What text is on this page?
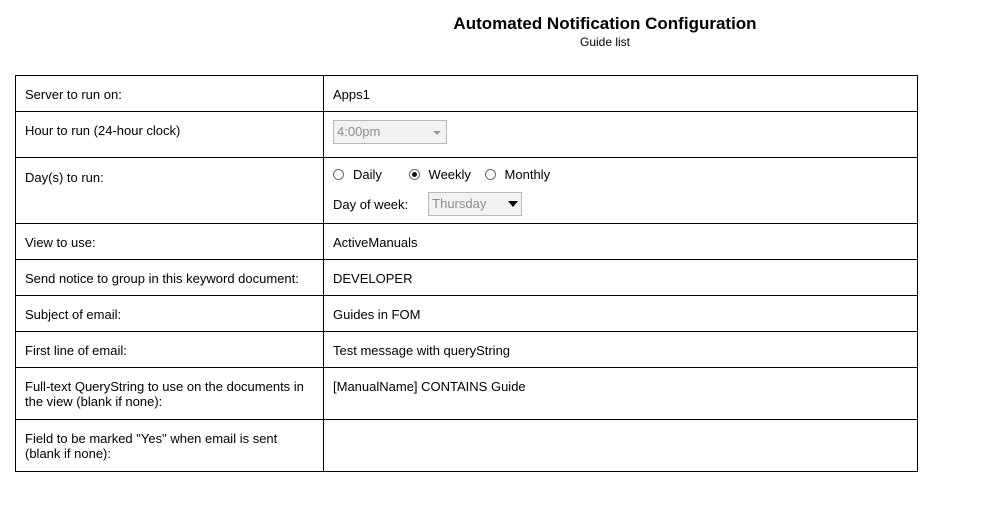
Automated Notification Configuration
Guide list
Server to run on:	Apps1
Hour to run (24-hour clock)	4:00pm

Day(s) to run:	Daily
Weekly
Monthly
Day of week: Thursday

View to use:	ActiveManuals
Send notice to group in this keyword document:	DEVELOPER
Subject of email:	Guides in FOM
First line of email:	Test message with queryString
Full-text QueryString to use on the documents in the view (blank if none):	[ManualName] CONTAINS Guide
Field to be marked "Yes" when email is sent (blank if none):	
